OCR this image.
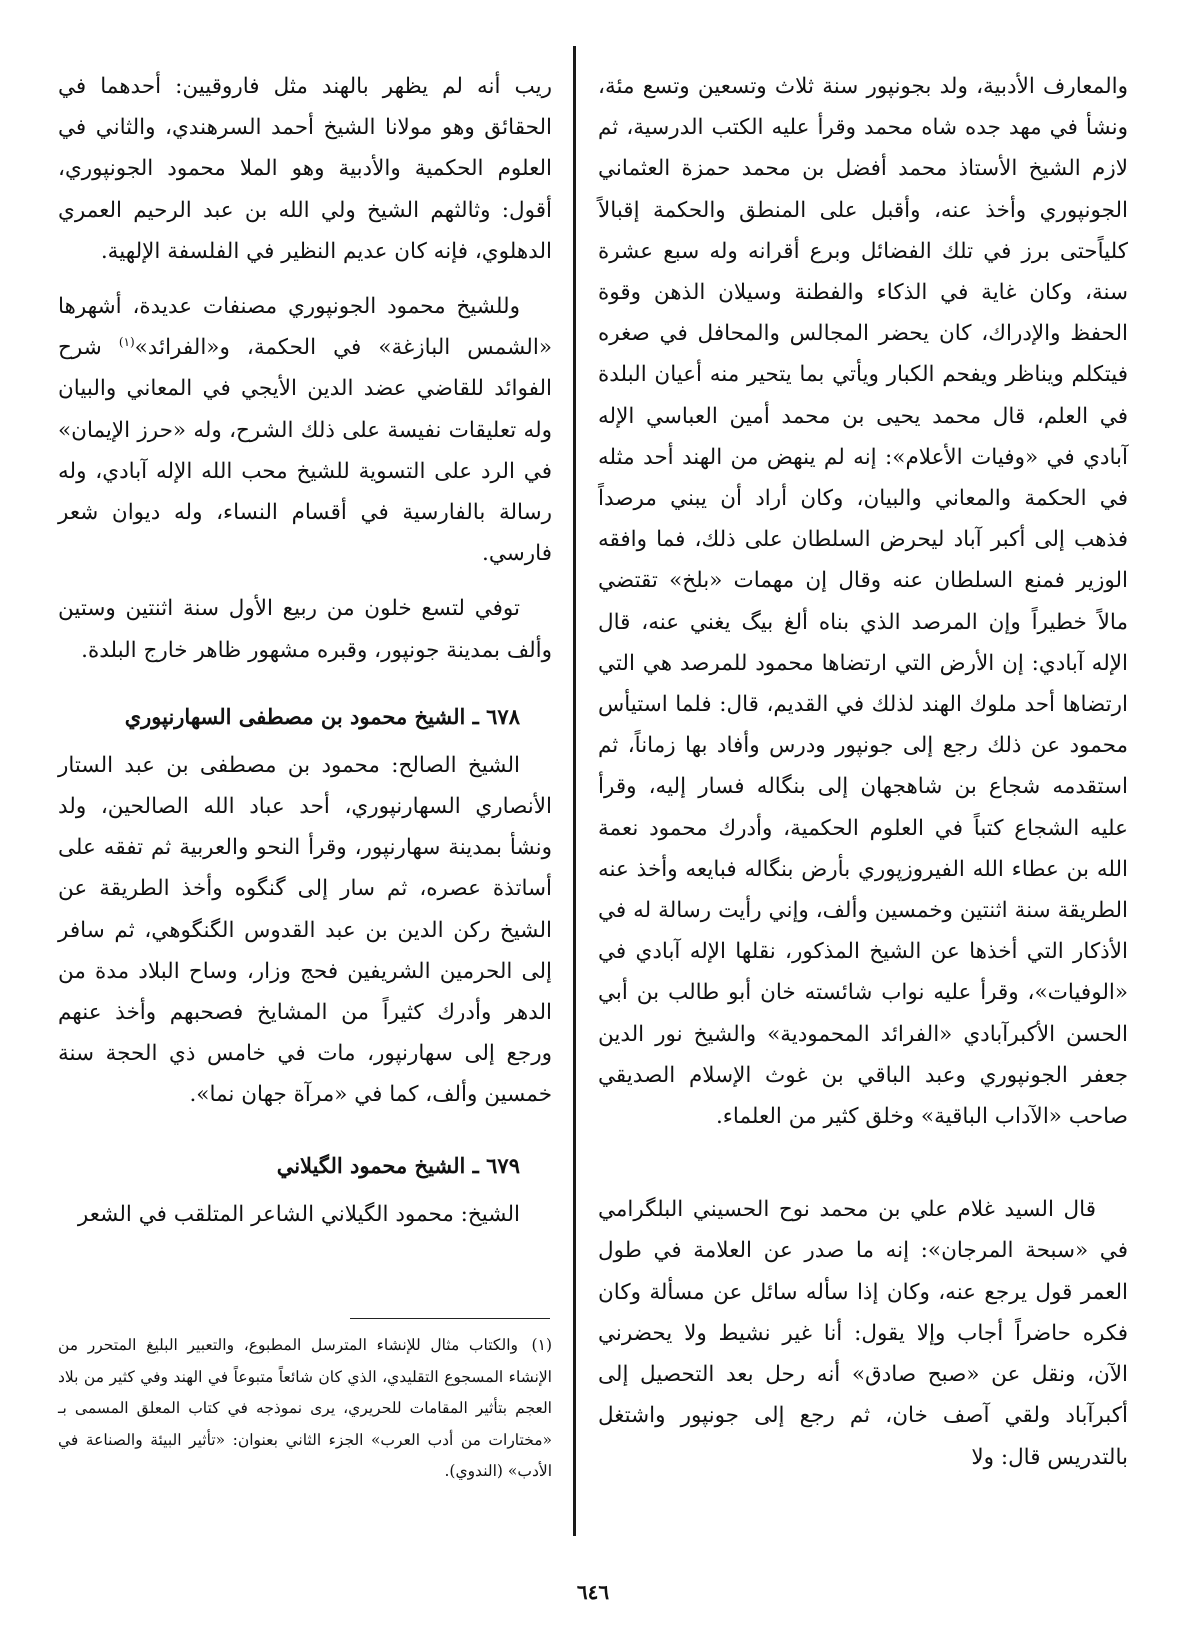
والمعارف الأدبية، ولد بجونپور سنة ثلاث وتسعين وتسع مئة، ونشأ في مهد جده شاه محمد وقرأ عليه الكتب الدرسية، ثم لازم الشيخ الأستاذ محمد أفضل بن محمد حمزة العثماني الجونپوري وأخذ عنه، وأقبل على المنطق والحكمة إقبالاً كلياًحتى برز في تلك الفضائل وبرع أقرانه وله سبع عشرة سنة، وكان غاية في الذكاء والفطنة وسيلان الذهن وقوة الحفظ والإدراك، كان يحضر المجالس والمحافل في صغره فيتكلم ويناظر ويفحم الكبار ويأتي بما يتحير منه أعيان البلدة في العلم، قال محمد يحيى بن محمد أمين العباسي الإله آبادي في «وفيات الأعلام»: إنه لم ينهض من الهند أحد مثله في الحكمة والمعاني والبيان، وكان أراد أن يبني مرصداً فذهب إلى أكبر آباد ليحرض السلطان على ذلك، فما وافقه الوزير فمنع السلطان عنه وقال إن مهمات «بلخ» تقتضي مالاً خطيراً وإن المرصد الذي بناه ألغ بيگ يغني عنه، قال الإله آبادي: إن الأرض التي ارتضاها محمود للمرصد هي التي ارتضاها أحد ملوك الهند لذلك في القديم، قال: فلما استيأس محمود عن ذلك رجع إلى جونپور ودرس وأفاد بها زماناً، ثم استقدمه شجاع بن شاهجهان إلى بنگاله فسار إليه، وقرأ عليه الشجاع كتباً في العلوم الحكمية، وأدرك محمود نعمة الله بن عطاء الله الفيروزپوري بأرض بنگاله فبايعه وأخذ عنه الطريقة سنة اثنتين وخمسين وألف، وإني رأيت رسالة له في الأذكار التي أخذها عن الشيخ المذكور، نقلها الإله آبادي في «الوفيات»، وقرأ عليه نواب شائسته خان أبو طالب بن أبي الحسن الأكبرآبادي «الفرائد المحمودية» والشيخ نور الدين جعفر الجونپوري وعبد الباقي بن غوث الإسلام الصديقي صاحب «الآداب الباقية» وخلق كثير من العلماء.

قال السيد غلام علي بن محمد نوح الحسيني البلگرامي في «سبحة المرجان»: إنه ما صدر عن العلامة في طول العمر قول يرجع عنه، وكان إذا سأله سائل عن مسألة وكان فكره حاضراً أجاب وإلا يقول: أنا غير نشيط ولا يحضرني الآن، ونقل عن «صبح صادق» أنه رحل بعد التحصيل إلى أكبرآباد ولقي آصف خان، ثم رجع إلى جونپور واشتغل بالتدريس قال: ولا

ريب أنه لم يظهر بالهند مثل فاروقيين: أحدهما في الحقائق وهو مولانا الشيخ أحمد السرهندي، والثاني في العلوم الحكمية والأدبية وهو الملا محمود الجونپوري، أقول: وثالثهم الشيخ ولي الله بن عبد الرحيم العمري الدهلوي، فإنه كان عديم النظير في الفلسفة الإلهية.

وللشيخ محمود الجونپوري مصنفات عديدة، أشهرها «الشمس البازغة» في الحكمة، و«الفرائد»$^{(١)}$ شرح الفوائد للقاضي عضد الدين الأيجي في المعاني والبيان وله تعليقات نفيسة على ذلك الشرح، وله «حرز الإيمان» في الرد على التسوية للشيخ محب الله الإله آبادي، وله رسالة بالفارسية في أقسام النساء، وله ديوان شعر فارسي.

توفي لتسع خلون من ربيع الأول سنة اثنتين وستين وألف بمدينة جونپور، وقبره مشهور ظاهر خارج البلدة.

٦٧٨ ـ الشيخ محمود بن مصطفى السهارنپوري

الشيخ الصالح: محمود بن مصطفى بن عبد الستار الأنصاري السهارنپوري، أحد عباد الله الصالحين، ولد ونشأ بمدينة سهارنپور، وقرأ النحو والعربية ثم تفقه على أساتذة عصره، ثم سار إلى گنگوه وأخذ الطريقة عن الشيخ ركن الدين بن عبد القدوس الگنگوهي، ثم سافر إلى الحرمين الشريفين فحج وزار، وساح البلاد مدة من الدهر وأدرك كثيراً من المشايخ فصحبهم وأخذ عنهم ورجع إلى سهارنپور، مات في خامس ذي الحجة سنة خمسين وألف، كما في «مرآة جهان نما».

٦٧٩ ـ الشيخ محمود الگيلاني

الشيخ: محمود الگيلاني الشاعر المتلقب في الشعر

(١)والكتاب مثال للإنشاء المترسل المطبوع، والتعبير البليغ المتحرر من الإنشاء المسجوع التقليدي، الذي كان شائعاً متبوعاً في الهند وفي كثير من بلاد العجم بتأثير المقامات للحريري، يرى نموذجه في كتاب المعلق المسمى بـ «مختارات من أدب العرب» الجزء الثاني بعنوان: «تأثير البيئة والصناعة في الأدب» (الندوي).
٦٤٦
